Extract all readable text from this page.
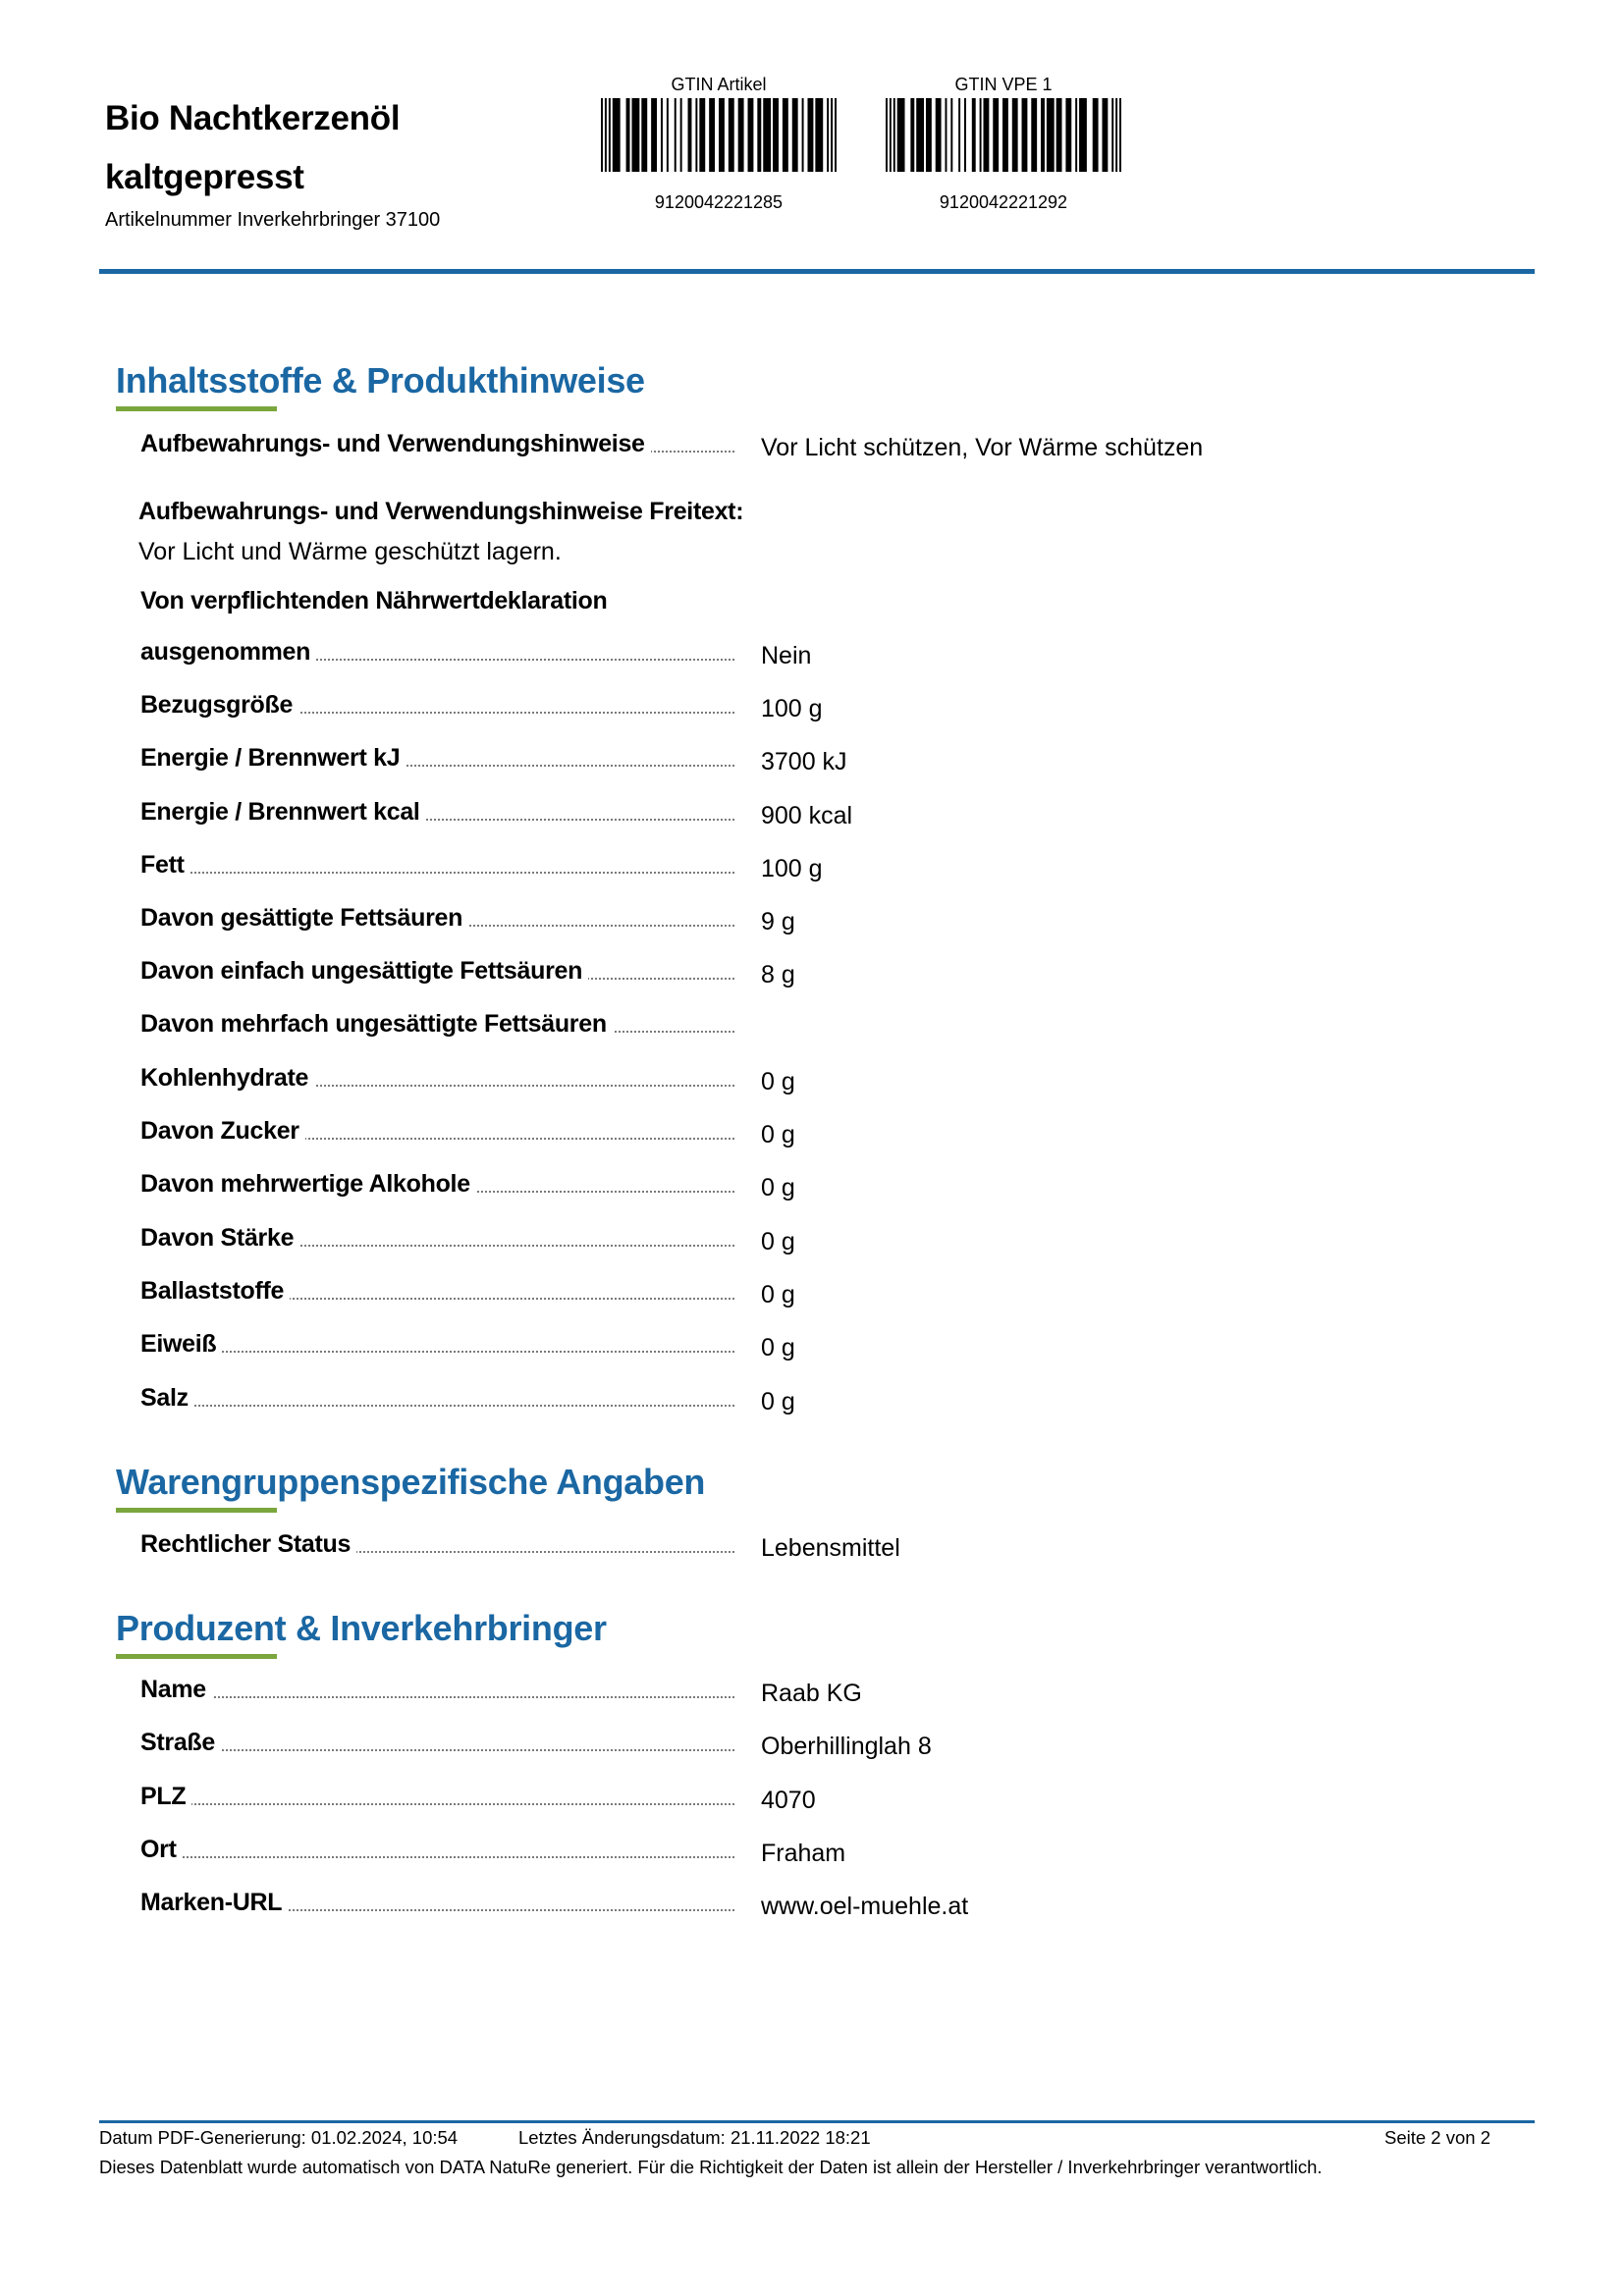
Bio Nachtkerzenöl
kaltgepresst
Artikelnummer Inverkehrbringer 37100
GTIN Artikel
9120042221285
GTIN VPE 1
9120042221292
Inhaltsstoffe & Produkthinweise
Aufbewahrungs- und Verwendungshinweise	Vor Licht schützen, Vor Wärme schützen
Aufbewahrungs- und Verwendungshinweise Freitext:
Vor Licht und Wärme geschützt lagern.
Von verpflichtenden Nährwertdeklaration
ausgenommen	Nein
Bezugsgröße	100 g
Energie / Brennwert kJ	3700 kJ
Energie / Brennwert kcal	900 kcal
Fett	100 g
Davon gesättigte Fettsäuren	9 g
Davon einfach ungesättigte Fettsäuren	8 g
Davon mehrfach ungesättigte Fettsäuren
Kohlenhydrate	0 g
Davon Zucker	0 g
Davon mehrwertige Alkohole	0 g
Davon Stärke	0 g
Ballaststoffe	0 g
Eiweiß	0 g
Salz	0 g
Warengruppenspezifische Angaben
Rechtlicher Status	Lebensmittel
Produzent & Inverkehrbringer
Name	Raab KG
Straße	Oberhillinglah 8
PLZ	4070
Ort	Fraham
Marken-URL	www.oel-muehle.at
Datum PDF-Generierung: 01.02.2024, 10:54	Letztes Änderungsdatum: 21.11.2022 18:21	Seite 2 von 2
Dieses Datenblatt wurde automatisch von DATA NatuRe generiert. Für die Richtigkeit der Daten ist allein der Hersteller / Inverkehrbringer verantwortlich.
